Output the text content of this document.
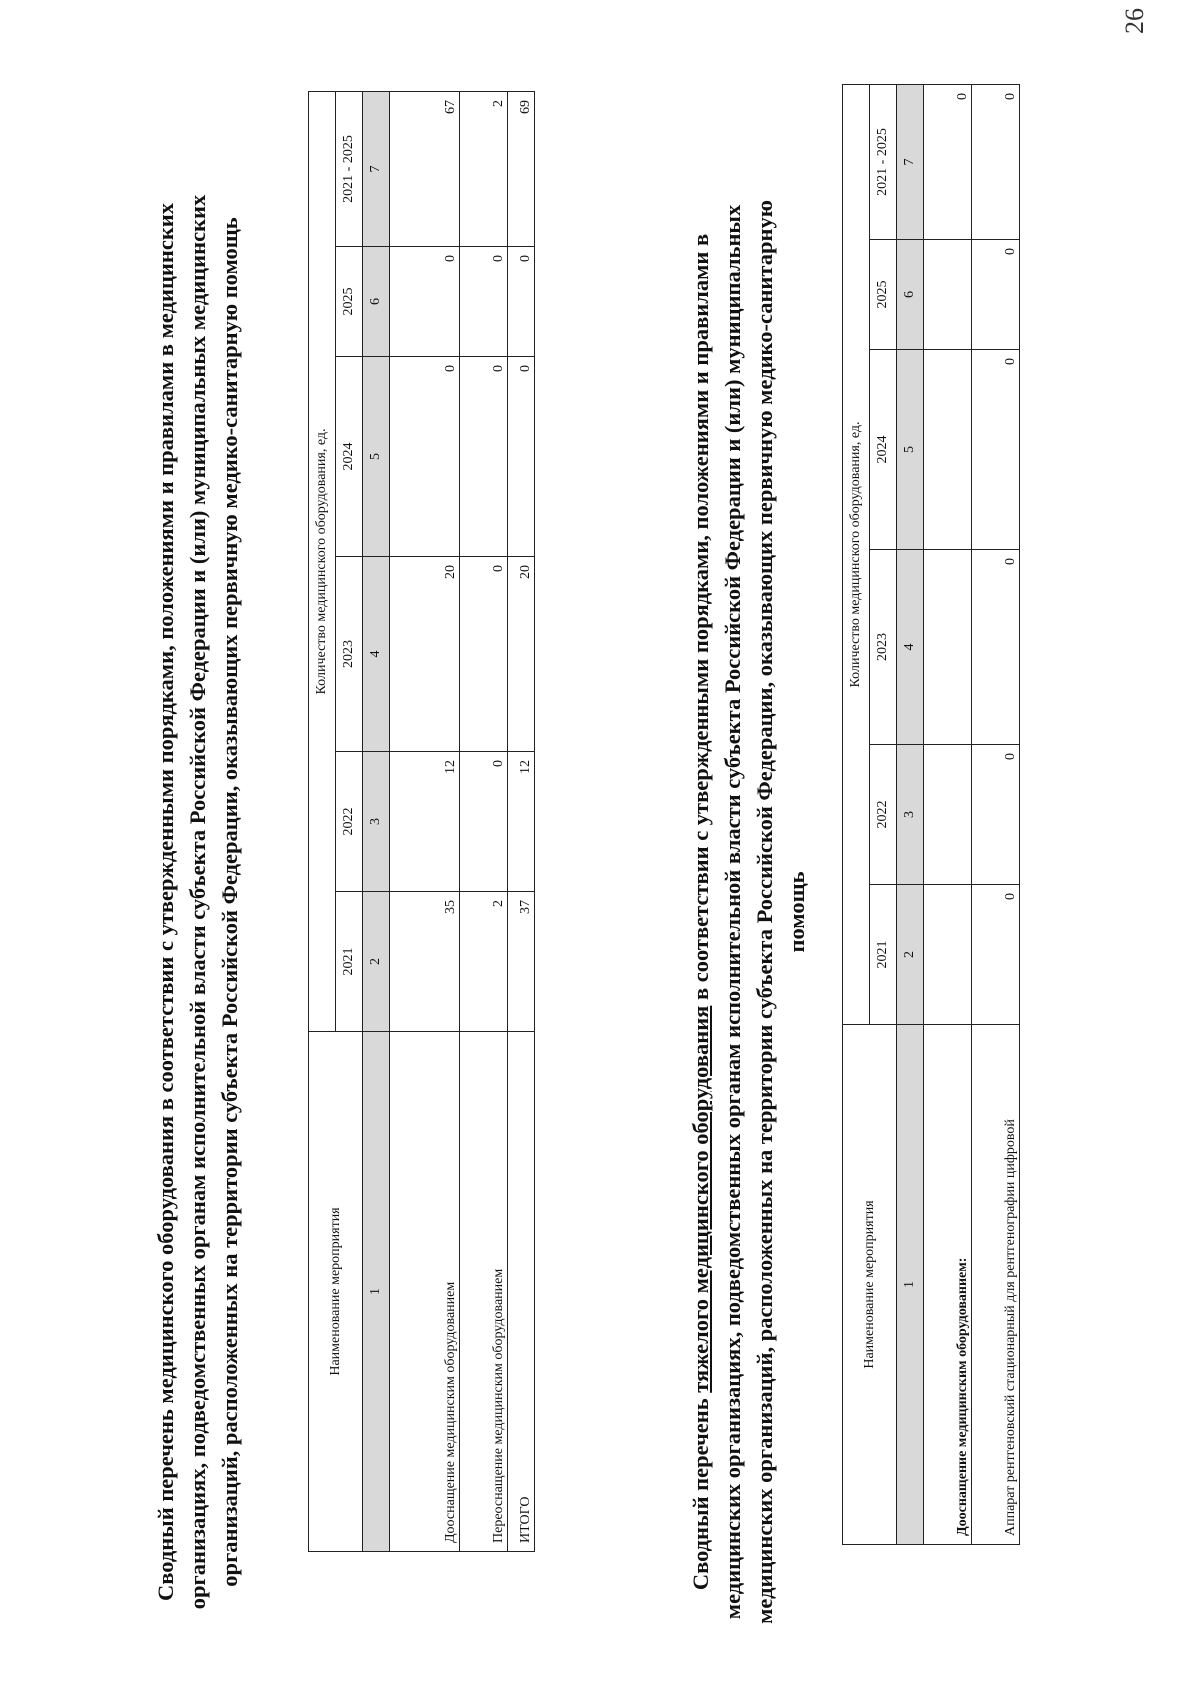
Сводный перечень медицинского оборудования в соответствии с утвержденными порядками, положениями и правилами в медицинских организациях, подведомственных органам исполнительной власти субъекта Российской Федерации и (или) муниципальных медицинских организаций, расположенных на территории субъекта Российской Федерации, оказывающих первичную медико-санитарную помощь	Наименование мероприятия	Количество медицинского оборудования, ед.					
	2021	2022	2023	2024	2025	2021 - 2025
1	2	3	4	5	6	7
Дооснащение медицинским оборудованием	35	12	20	0	0	67
Переоснащение медицинским оборудованием	2	0	0	0	0	2
ИТОГО	37	12	20	0	0	69
Сводный перечень тяжелого медицинского оборудования в соответствии с утвержденными порядками, положениями и правилами в медицинских организациях, подведомственных органам исполнительной власти субъекта Российской Федерации и (или) муниципальных медицинских организаций, расположенных на территории субъекта Российской Федерации, оказывающих первичную медико-санитарную помощь
Наименование мероприятия	Количество медицинского оборудования, ед.					
	2021	2022	2023	2024	2025	2021 - 2025
1	2	3	4	5	6	7
Дооснащение медицинским оборудованием:						0
Аппарат рентгеновский стационарный для рентгенографии цифровой	0	0	0	0	0	0
26
